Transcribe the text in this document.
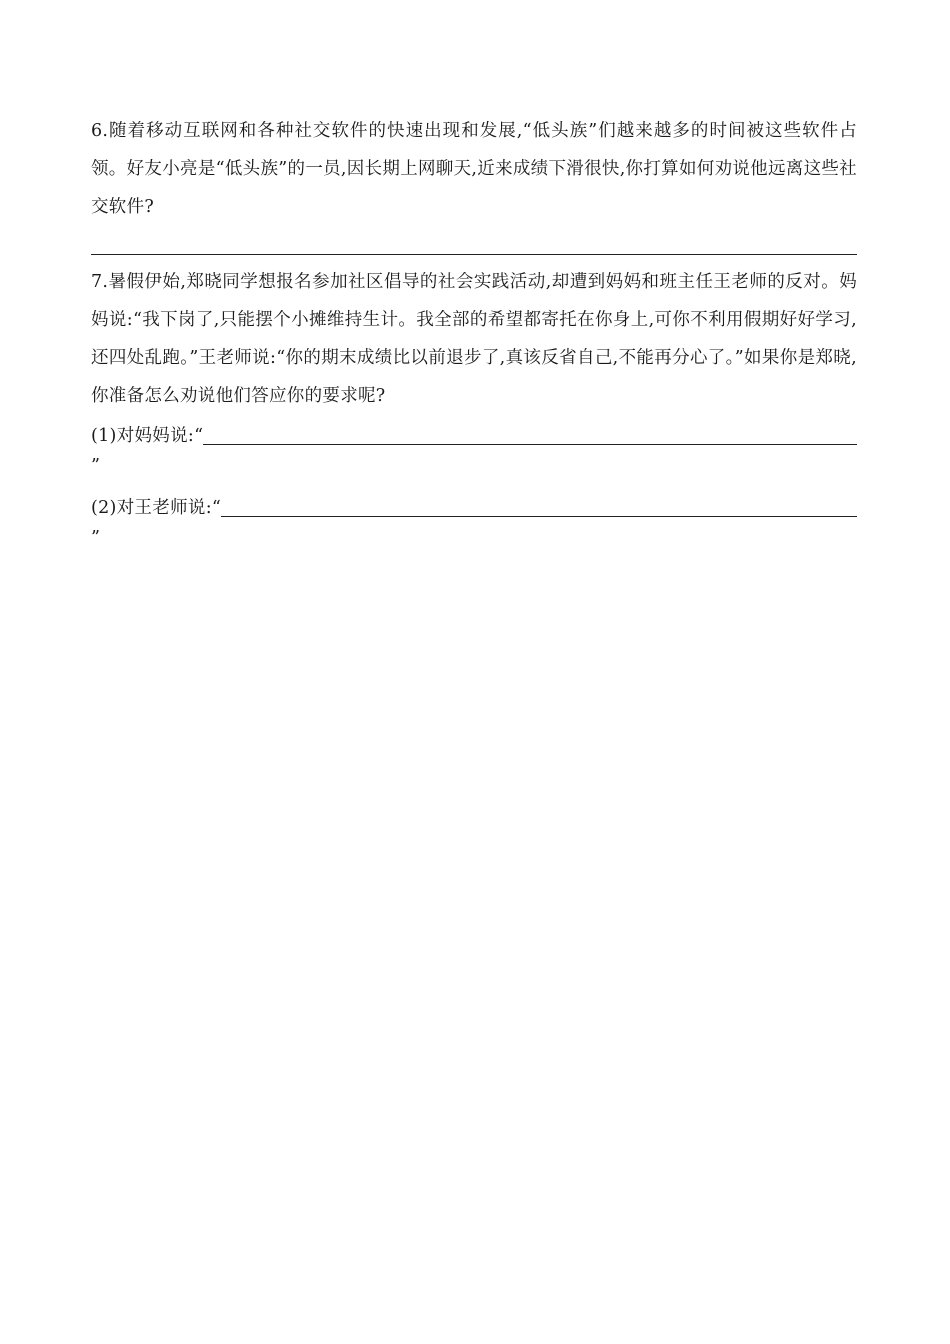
6.随着移动互联网和各种社交软件的快速出现和发展,“低头族”们越来越多的时间被这些软件占领。好友小亮是“低头族”的一员,因长期上网聊天,近来成绩下滑很快,你打算如何劝说他远离这些社交软件?

7.暑假伊始,郑晓同学想报名参加社区倡导的社会实践活动,却遭到妈妈和班主任王老师的反对。妈妈说:“我下岗了,只能摆个小摊维持生计。我全部的希望都寄托在你身上,可你不利用假期好好学习,还四处乱跑。”王老师说:“你的期末成绩比以前退步了,真该反省自己,不能再分心了。”如果你是郑晓,你准备怎么劝说他们答应你的要求呢?

(1)对妈妈说:“

”

(2)对王老师说:“

”
